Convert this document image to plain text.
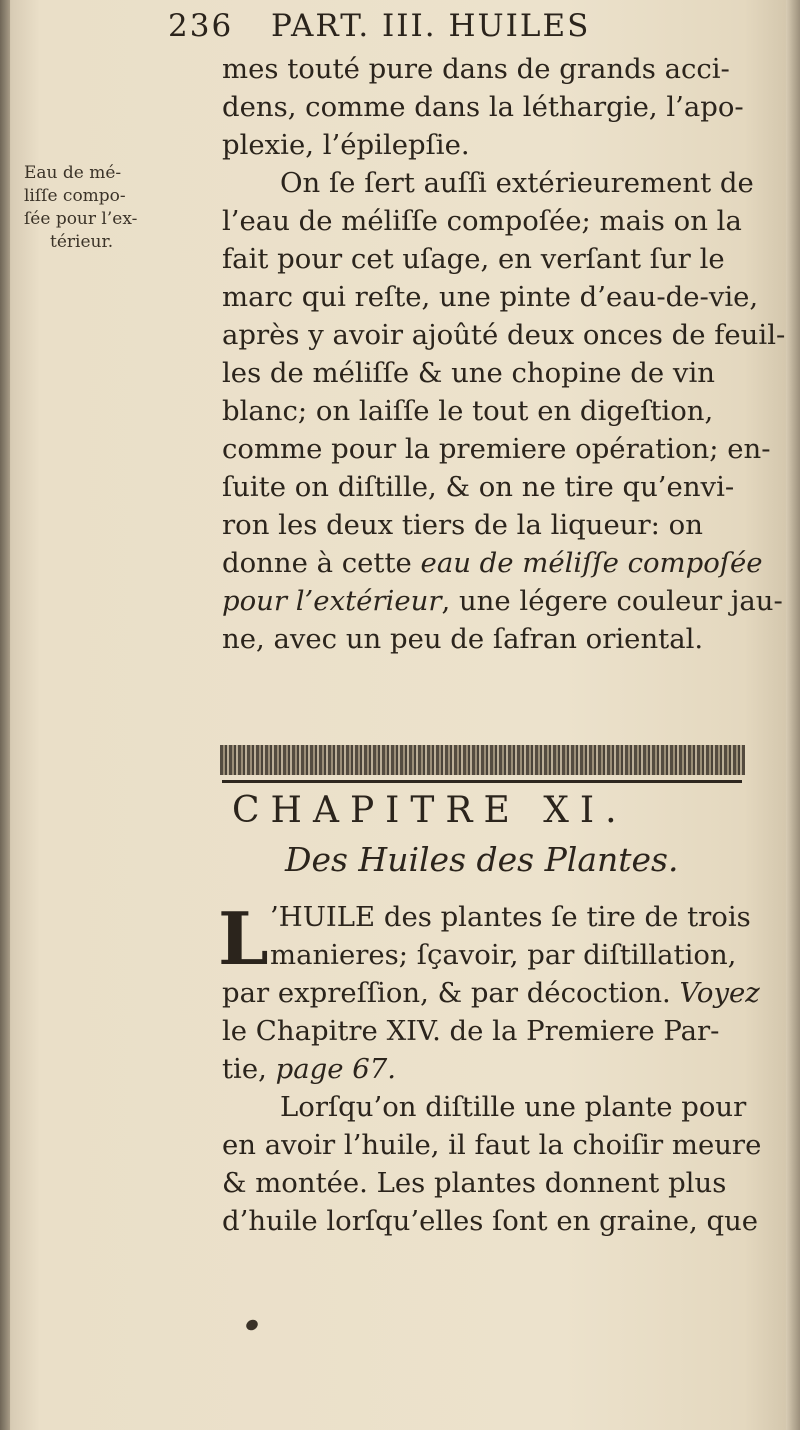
236 PART. III. HUILES
Eau de mé-
liſſe compo-
ſée pour l’ex-
térieur.
mes touté pure dans de grands acci-
dens, comme dans la léthargie, l’apo-
plexie, l’épilepſie.
On ſe ſert auſſi extérieurement de
l’eau de méliſſe compoſée; mais on la
fait pour cet uſage, en verſant ſur le
marc qui reſte, une pinte d’eau-de-vie,
après y avoir ajoûté deux onces de feuil-
les de méliſſe & une chopine de vin
blanc; on laiſſe le tout en digeſtion,
comme pour la premiere opération; en-
ſuite on diſtille, & on ne tire qu’envi-
ron les deux tiers de la liqueur: on
donne à cette eau de méliſſe compoſée
pour l’extérieur, une légere couleur jau-
ne, avec un peu de ſafran oriental.
CHAPITRE XI.
Des Huiles des Plantes.
L ’HUILE des plantes ſe tire de trois
manieres; ſçavoir, par diſtillation,
par expreſſion, & par décoction. Voyez
le Chapitre XIV. de la Premiere Par-
tie, page 67.
Lorſqu’on diſtille une plante pour
en avoir l’huile, il faut la choiſir meure
& montée. Les plantes donnent plus
d’huile lorſqu’elles ſont en graine, que
